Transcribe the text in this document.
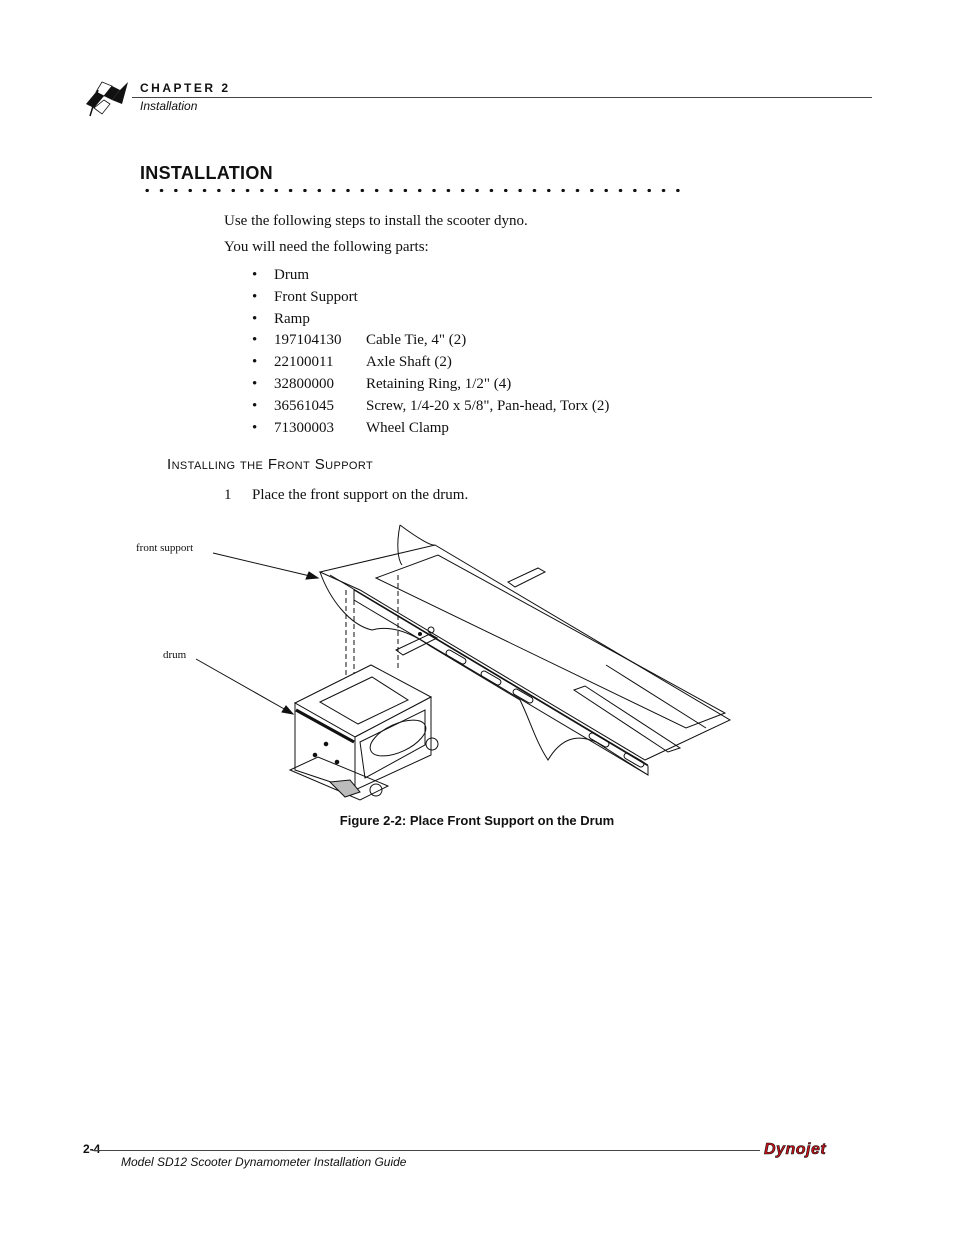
CHAPTER 2
Installation
INSTALLATION
Use the following steps to install the scooter dyno.
You will need the following parts:
• Drum
• Front Support
• Ramp
• 197104130 Cable Tie, 4" (2)
• 22100011 Axle Shaft (2)
• 32800000 Retaining Ring, 1/2" (4)
• 36561045 Screw, 1/4-20 x 5/8", Pan-head, Torx (2)
• 71300003 Wheel Clamp
Installing the Front Support
1 Place the front support on the drum.
front support
drum
Figure 2-2: Place Front Support on the Drum
2-4
Model SD12 Scooter Dynamometer Installation Guide
Dynojet
